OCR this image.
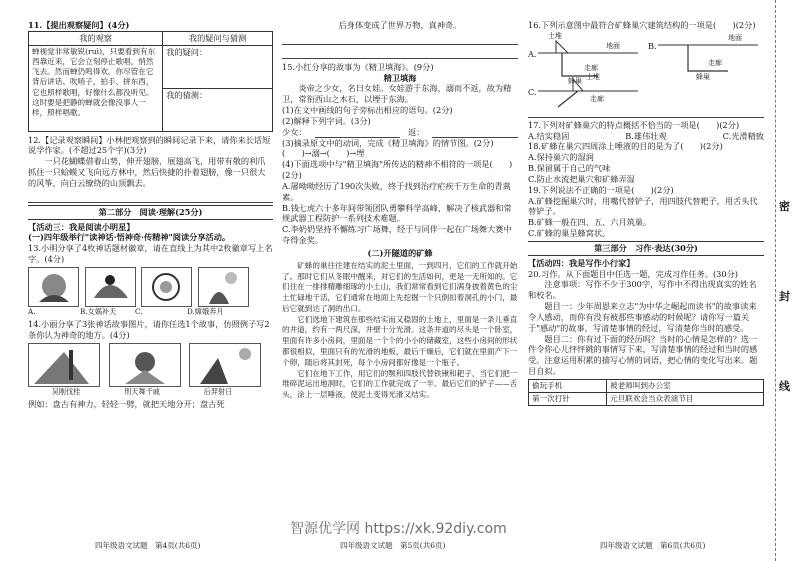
11.【提出观察疑问】(4分)

我的观察	我的疑问与猜测
蝉视觉非常敏锐(ruì)，只要看到有东西靠近来，它会立刻停止歌唱，悄然飞去。然而蝉仍鸣得欢。你尽管在它背后讲话、吹哨子，拍手、拼东西，它也照样歌唱，好像什么都没听见。这时要是把静的蝉就会像没事人一样，照样唱歌。	我的疑问：
	我的猜测：

12.【记录观察瞬间】小林把观察到的瞬间记录下来，请你来长话短说学作家。(不超过25个字)(3分)

一只花蝴蝶借着山势，伸开翅膀，展翅高飞，用带有敬的利爪抓住一只蛤蟆又飞向远方林中，然后快捷的扑着翅膀，像一只很大的风筝，向白云缭绕的山顶飘去。

第二部分　阅读·理解(25分)

【活动三：我是阅读小明星】

(一)四年级举行"读神话·悟神奇·传精神"阅读分享活动。

13.小明分享了4枚神话题材徽章，请在直线上为其中2枚徽章写上名字。(4分)

A.	B.女娲补天	C.	D.嫦娥奔月

14.小丽分享了3张神话故事图片，请你任选1个故事，仿照例子写2条你认为神奇的地方。(4分)

吴刚伐桂	刑天舞干戚	后羿射日

例如：盘古有神力，轻轻一劈，就把天地分开；盘古死

后身体变成了世界万物，真神奇。

15.小红分享的故事为《精卫填海》。(9分)

精卫填海

炎帝之少女，名曰女娃。女娃游于东海，溺而不返，故为精卫，常衔西山之木石，以堙于东海。

(1)在文中画线的句子旁标出相应的语句。(2分)

(2)解释下列字词。(3分)

少女：	返：

(3)摘录原文中的动词，完成《精卫填海》的情节图。(2分)

(　　)→溺→(　　)→堙

(4)下面选项中与"精卫填海"所传达的精神不相符的一项是(　　)(2分)

A.屠呦呦经历了190次失败，终于找到治疗疟疾千万生命的青蒿素。

B.钱七虎六十多年间带领团队勇攀科学高峰，解决了核武器和常规武器工程防护一系列技术难题。

C.李奶奶坚持不懈练习广场舞，经于与同伴一起在广场舞大赛中夺得金奖。

(二)开隧道的矿蜂

矿蜂的巢往往建在结实的泥土里面，一到四月，它们的工作就开始了。那时它们从冬眠中醒来，对它们的生活如何，更是一无所知的。它们住在一排排精雕细琢的小土山，我们常常看到它们满身披着黄色的尘土忙碌地干活，它们通常在地面上先挖掘一个只倒扣着洞孔的小门，最后它就到达了洞的出口。

它们选地下建筑在那些结实而又稳固的土地上，里面是一条儿垂直的井道，约有一两尺深，井壁十分光滑。这条井道的尽头是一个卧室，里面有许多小房间，里面是一个个的小小的储藏室，这些小房间的形状都很相似，里面只有的光滑的地板，最后干燥后，它们就在里面产下一个卵，随后将其封死，每个小房间都好像是一个瓶子。

它们在地下工作，用它们的颚和四肢代替铁锹和耙子，当它们把一堆碎泥运出地洞时，它们的工作就完成了一半。最后它们的铲子——舌头，涂上一层唾液，使泥土变得光滑又结实。

16.下列示意图中最符合矿蜂巢穴建筑结构的一项是(　　)(2分)

土堆
地面
走廊
蜂巢
地面
走廊
蜂巢
土堆
走廊
A.
B.
C.

17.下列对矿蜂巢穴的特点概括不恰当的一项是(　　)(2分)

A.结实稳固	B.雄伟壮观	C.光滑精致

18.矿蜂在巢穴四周涂上唾液的目的是为了(　　)(2分)

A.保持巢穴的湿润

B.保留属于自己的气味

C.防止水流把巢穴和矿蜂弄湿

19.下列说法不正确的一项是(　　)(2分)

A.矿蜂挖掘巢穴时，用嘴代替铲子，用四肢代替耙子，用舌头代替铲子。

B.矿蜂一般在四、五、六月筑巢。

C.矿蜂的巢呈蜂窝状。

第三部分　习作·表达(30分)

【活动四：我是写作小行家】

20.习作。从下面题目中任选一题，完成习作任务。(30分)

注意事项：写作不少于300字，写作中不得出现真实的姓名和校名。

题目一：少年周恩来立志"为中华之崛起而读书"的故事读来令人感动，而你有没有被那些事感动的时候呢？请你写一篇关于"感动"的故事，写清楚事情的经过，写清楚你当时的感受。

题目二：你有过下面的经历吗？当时的心情是怎样的？选一件令你心儿怦怦跳的事情写下来，写清楚事情的经过和当时的感受。注意运用积累的描写心情的词语，把心情的变化写出来。题目自拟。

偷玩手机	被老师叫到办公室
第一次打针	元旦联欢会当众表演节目
密
封
线
四年级语文试题　第4页(共6页)	四年级语文试题　第5页(共6页)	四年级语文试题　第6页(共6页)
智源优学网 https://xk.92diy.com
